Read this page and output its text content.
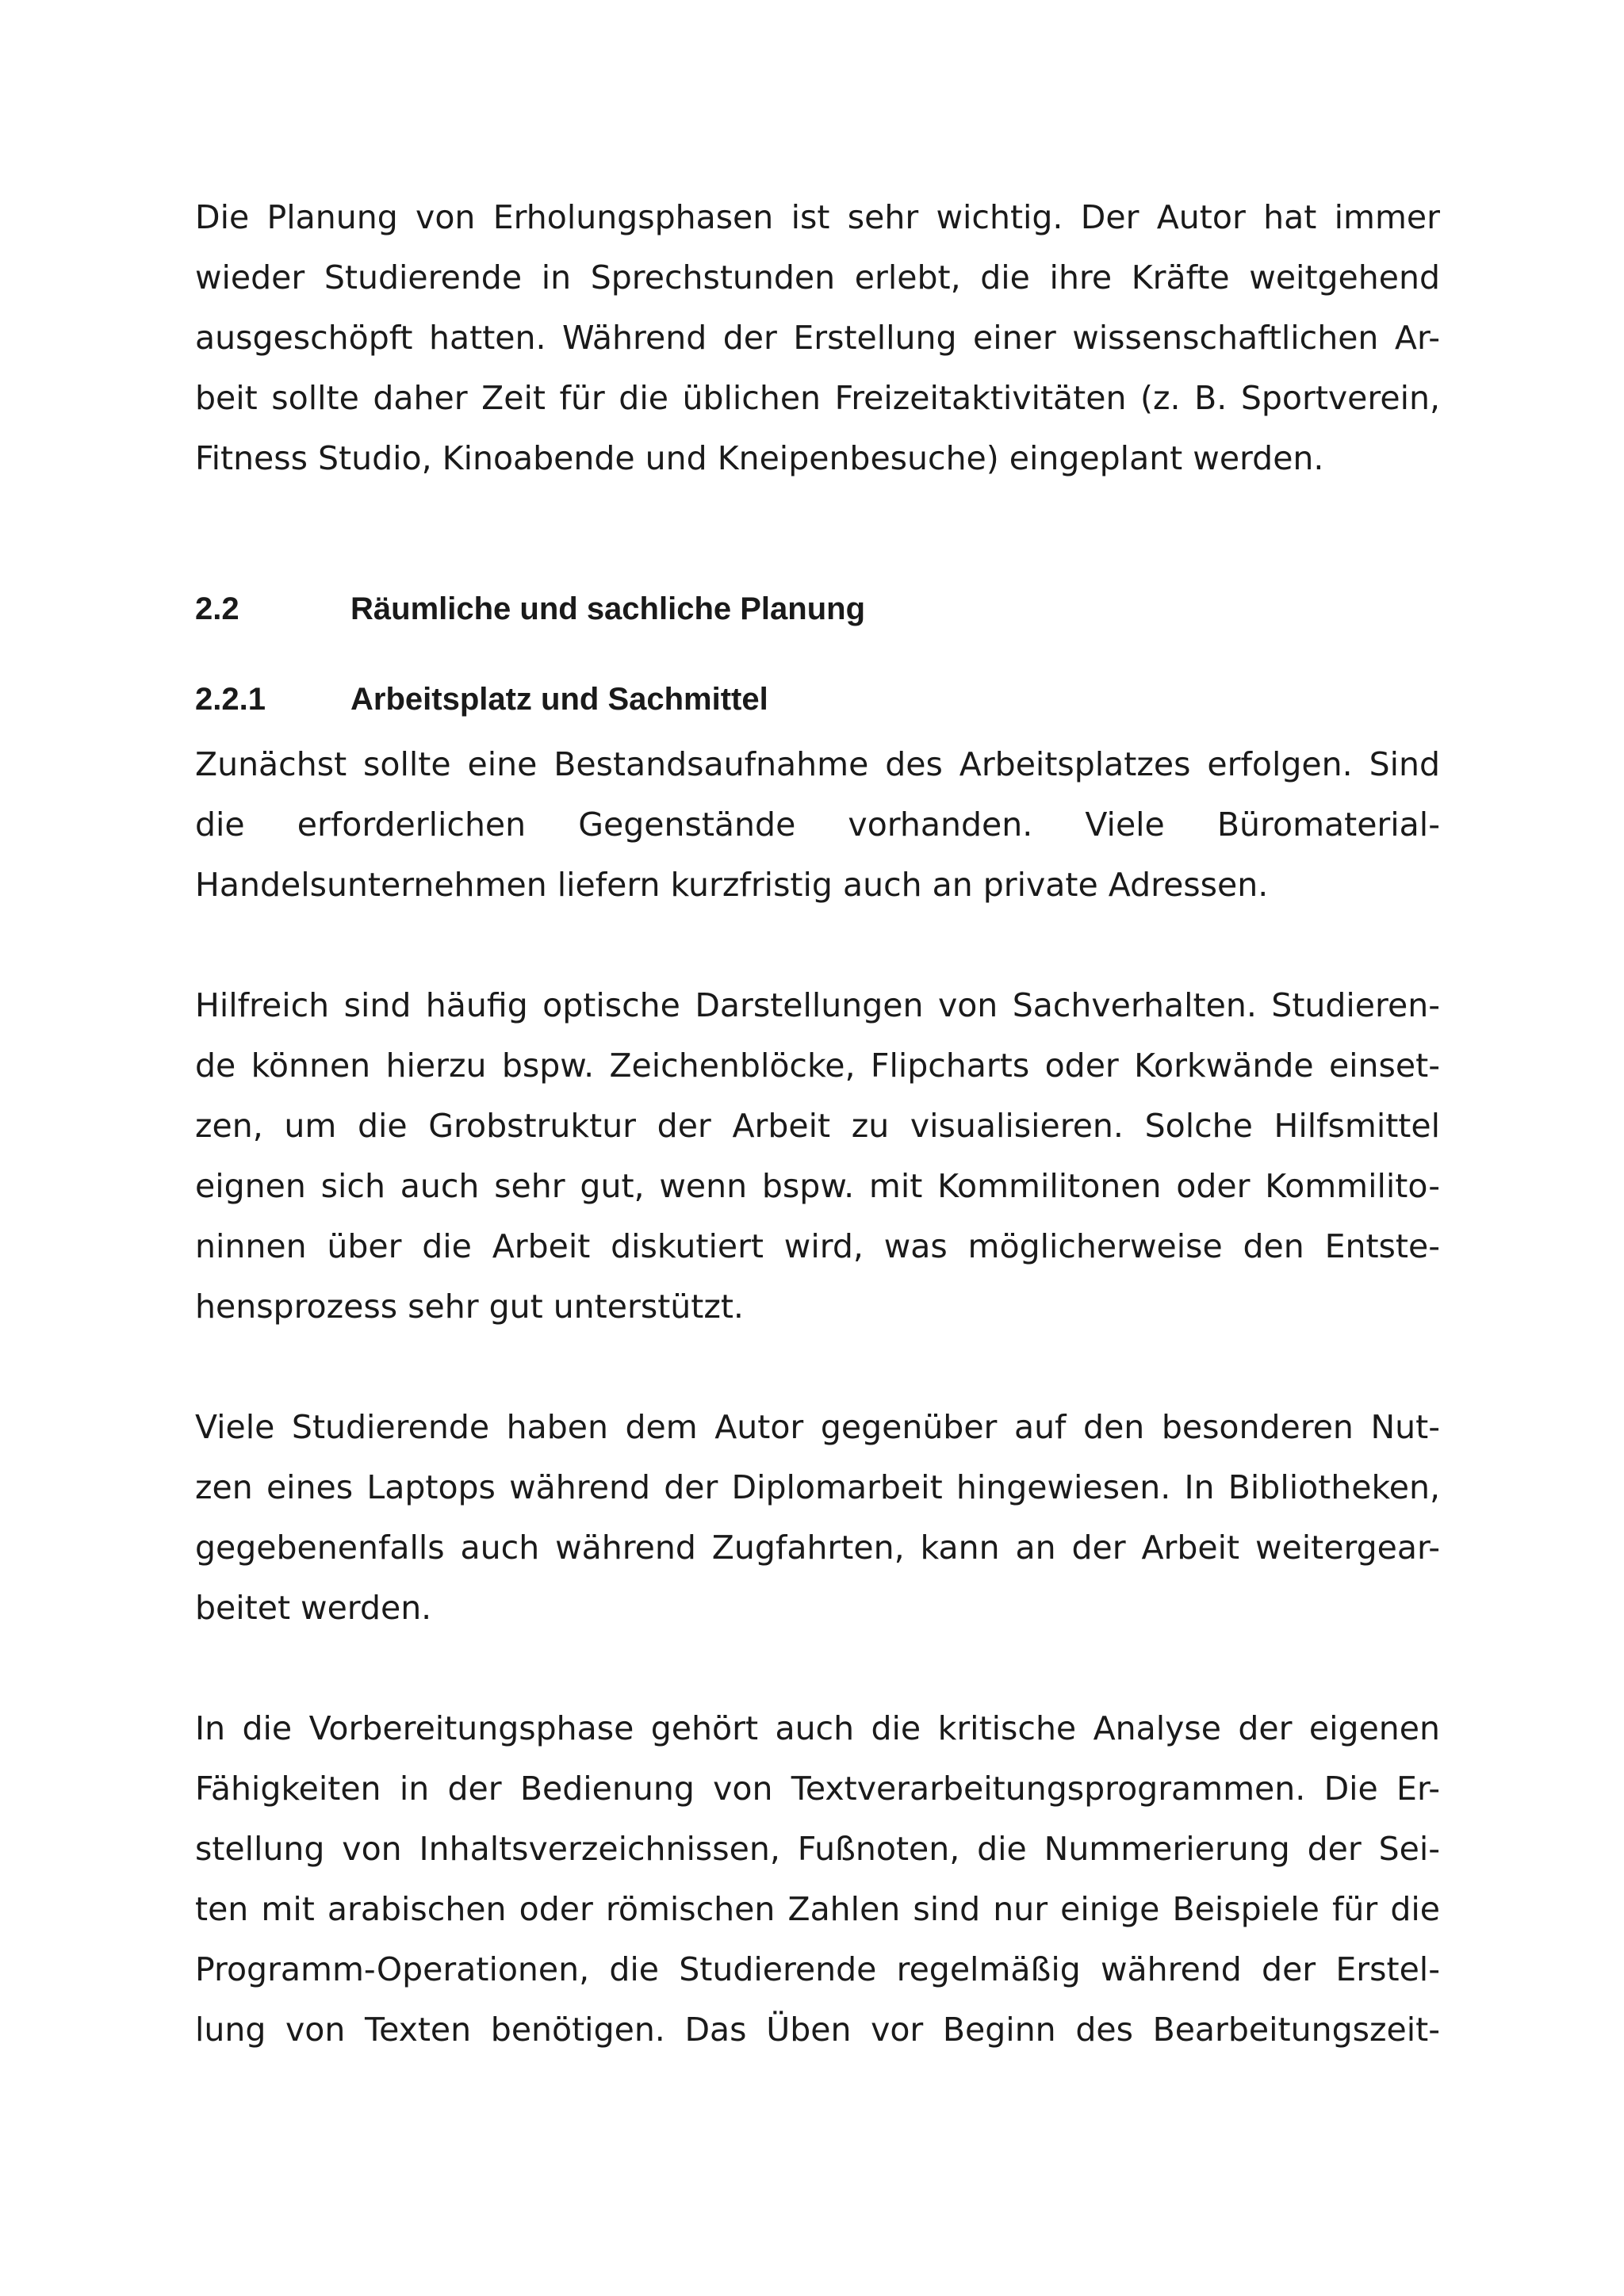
Die Planung von Erholungsphasen ist sehr wichtig. Der Autor hat immer
wieder Studierende in Sprechstunden erlebt, die ihre Kräfte weitgehend
ausgeschöpft hatten. Während der Erstellung einer wissenschaftlichen Ar-
beit sollte daher Zeit für die üblichen Freizeitaktivitäten (z. B. Sportverein,
Fitness Studio, Kinoabende und Kneipenbesuche) eingeplant werden.
2.2	Räumliche und sachliche Planung
2.2.1	Arbeitsplatz und Sachmittel
Zunächst sollte eine Bestandsaufnahme des Arbeitsplatzes erfolgen. Sind
die erforderlichen Gegenstände vorhanden. Viele Büromaterial-
Handelsunternehmen liefern kurzfristig auch an private Adressen.
Hilfreich sind häufig optische Darstellungen von Sachverhalten. Studieren-
de können hierzu bspw. Zeichenblöcke, Flipcharts oder Korkwände einset-
zen, um die Grobstruktur der Arbeit zu visualisieren. Solche Hilfsmittel
eignen sich auch sehr gut, wenn bspw. mit Kommilitonen oder Kommilito-
ninnen über die Arbeit diskutiert wird, was möglicherweise den Entste-
hensprozess sehr gut unterstützt.
Viele Studierende haben dem Autor gegenüber auf den besonderen Nut-
zen eines Laptops während der Diplomarbeit hingewiesen. In Bibliotheken,
gegebenenfalls auch während Zugfahrten, kann an der Arbeit weitergear-
beitet werden.
In die Vorbereitungsphase gehört auch die kritische Analyse der eigenen
Fähigkeiten in der Bedienung von Textverarbeitungsprogrammen. Die Er-
stellung von Inhaltsverzeichnissen, Fußnoten, die Nummerierung der Sei-
ten mit arabischen oder römischen Zahlen sind nur einige Beispiele für die
Programm-Operationen, die Studierende regelmäßig während der Erstel-
lung von Texten benötigen. Das Üben vor Beginn des Bearbeitungszeit-
